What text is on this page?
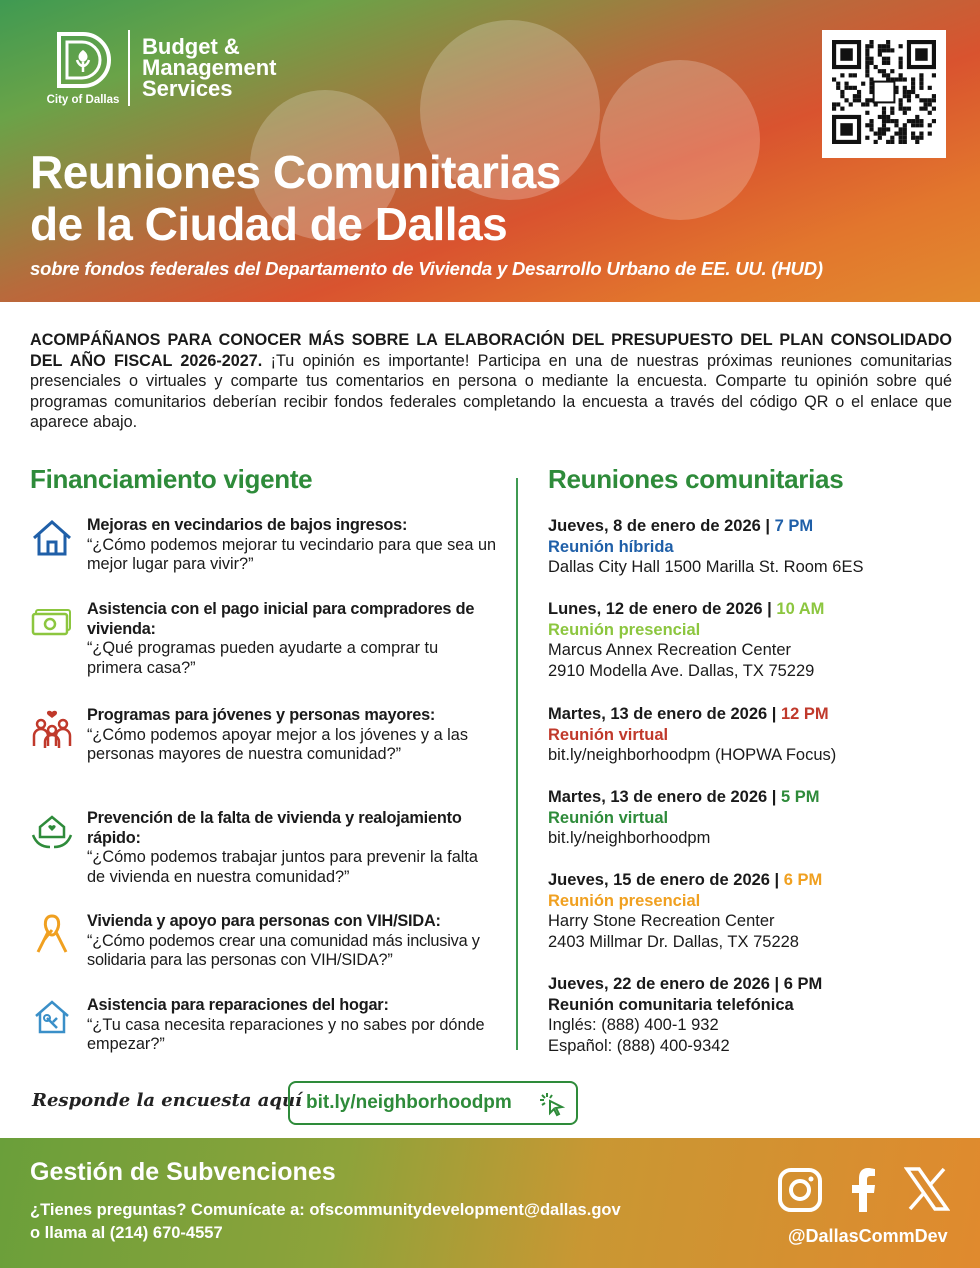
City of Dallas
Budget &
Management
Services
Reuniones Comunitarias
de la Ciudad de Dallas
sobre fondos federales del Departamento de Vivienda y Desarrollo Urbano de EE. UU. (HUD)

ACOMPÁÑANOS PARA CONOCER MÁS SOBRE LA ELABORACIÓN DEL PRESUPUESTO DEL PLAN CONSOLIDADO DEL AÑO FISCAL 2026-2027. ¡Tu opinión es importante! Participa en una de nuestras próximas reuniones comunitarias presenciales o virtuales y comparte tus comentarios en persona o mediante la encuesta. Comparte tu opinión sobre qué programas comunitarios deberían recibir fondos federales completando la encuesta a través del código QR o el enlace que aparece abajo.

Financiamiento vigente
Mejoras en vecindarios de bajos ingresos:
“¿Cómo podemos mejorar tu vecindario para que sea un mejor lugar para vivir?”
Asistencia con el pago inicial para compradores de vivienda:
“¿Qué programas pueden ayudarte a comprar tu primera casa?”
Programas para jóvenes y personas mayores:
“¿Cómo podemos apoyar mejor a los jóvenes y a las personas mayores de nuestra comunidad?”
Prevención de la falta de vivienda y realojamiento rápido:
“¿Cómo podemos trabajar juntos para prevenir la falta de vivienda en nuestra comunidad?”
Vivienda y apoyo para personas con VIH/SIDA:
“¿Cómo podemos crear una comunidad más inclusiva y solidaria para las personas con VIH/SIDA?”
Asistencia para reparaciones del hogar:
“¿Tu casa necesita reparaciones y no sabes por dónde empezar?”
Reuniones comunitarias
Jueves, 8 de enero de 2026 | 7 PM
Reunión híbrida
Dallas City Hall 1500 Marilla St. Room 6ES
Lunes, 12 de enero de 2026 | 10 AM
Reunión presencial
Marcus Annex Recreation Center
2910 Modella Ave. Dallas, TX 75229
Martes, 13 de enero de 2026 | 12 PM
Reunión virtual
bit.ly/neighborhoodpm (HOPWA Focus)
Martes, 13 de enero de 2026 | 5 PM
Reunión virtual
bit.ly/neighborhoodpm
Jueves, 15 de enero de 2026 | 6 PM
Reunión presencial
Harry Stone Recreation Center
2403 Millmar Dr. Dallas, TX 75228
Jueves, 22 de enero de 2026 | 6 PM
Reunión comunitaria telefónica
Inglés: (888) 400-1 932
Español: (888) 400-9342
Responde la encuesta aquí bit.ly/neighborhoodpm
Gestión de Subvenciones
¿Tienes preguntas? Comunícate a: ofscommunitydevelopment@dallas.gov
o llama al (214) 670-4557	@DallasCommDev
